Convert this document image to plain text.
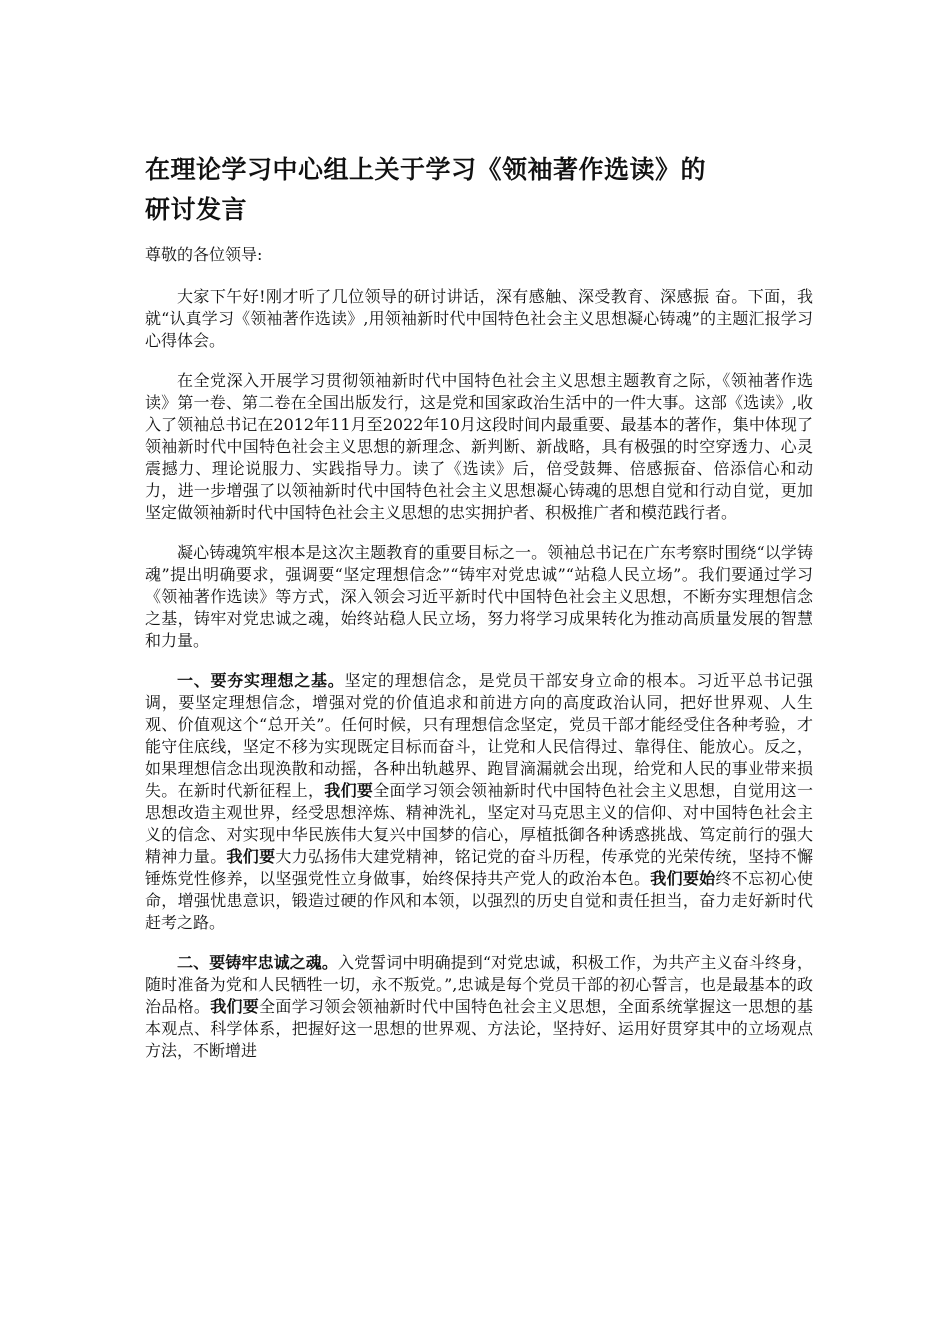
在理论学习中心组上关于学习《领袖著作选读》的
研讨发言
尊敬的各位领导:

大家下午好!刚才听了几位领导的研讨讲话，深有感触、深受教育、深感振 奋。下面，我就“认真学习《领袖著作选读》,用领袖新时代中国特色社会主义思想凝心铸魂”的主题汇报学习心得体会。

在全党深入开展学习贯彻领袖新时代中国特色社会主义思想主题教育之际，《领袖著作选读》第一卷、第二卷在全国出版发行，这是党和国家政治生活中的一件大事。这部《选读》,收入了领袖总书记在2012年11月至2022年10月这段时间内最重要、最基本的著作，集中体现了领袖新时代中国特色社会主义思想的新理念、新判断、新战略，具有极强的时空穿透力、心灵震撼力、理论说服力、实践指导力。读了《选读》后，倍受鼓舞、倍感振奋、倍添信心和动力，进一步增强了以领袖新时代中国特色社会主义思想凝心铸魂的思想自觉和行动自觉，更加坚定做领袖新时代中国特色社会主义思想的忠实拥护者、积极推广者和模范践行者。

凝心铸魂筑牢根本是这次主题教育的重要目标之一。领袖总书记在广东考察时围绕“以学铸魂”提出明确要求，强调要“坚定理想信念”“铸牢对党忠诚”“站稳人民立场”。我们要通过学习《领袖著作选读》等方式，深入领会习近平新时代中国特色社会主义思想，不断夯实理想信念之基，铸牢对党忠诚之魂，始终站稳人民立场，努力将学习成果转化为推动高质量发展的智慧和力量。

一、要夯实理想之基。坚定的理想信念，是党员干部安身立命的根本。习近平总书记强调，要坚定理想信念，增强对党的价值追求和前进方向的高度政治认同，把好世界观、人生观、价值观这个“总开关”。任何时候，只有理想信念坚定，党员干部才能经受住各种考验，才能守住底线，坚定不移为实现既定目标而奋斗，让党和人民信得过、靠得住、能放心。反之，如果理想信念出现涣散和动摇，各种出轨越界、跑冒滴漏就会出现，给党和人民的事业带来损失。在新时代新征程上，我们要全面学习领会领袖新时代中国特色社会主义思想，自觉用这一思想改造主观世界，经受思想淬炼、精神洗礼，坚定对马克思主义的信仰、对中国特色社会主义的信念、对实现中华民族伟大复兴中国梦的信心，厚植抵御各种诱惑挑战、笃定前行的强大精神力量。我们要大力弘扬伟大建党精神，铭记党的奋斗历程，传承党的光荣传统，坚持不懈锤炼党性修养，以坚强党性立身做事，始终保持共产党人的政治本色。我们要始终不忘初心使命，增强忧患意识，锻造过硬的作风和本领，以强烈的历史自觉和责任担当，奋力走好新时代赶考之路。

二、要铸牢忠诚之魂。入党誓词中明确提到“对党忠诚，积极工作，为共产主义奋斗终身，随时准备为党和人民牺牲一切，永不叛党。”,忠诚是每个党员干部的初心誓言，也是最基本的政治品格。我们要全面学习领会领袖新时代中国特色社会主义思想，全面系统掌握这一思想的基本观点、科学体系，把握好这一思想的世界观、方法论，坚持好、运用好贯穿其中的立场观点方法，不断增进
